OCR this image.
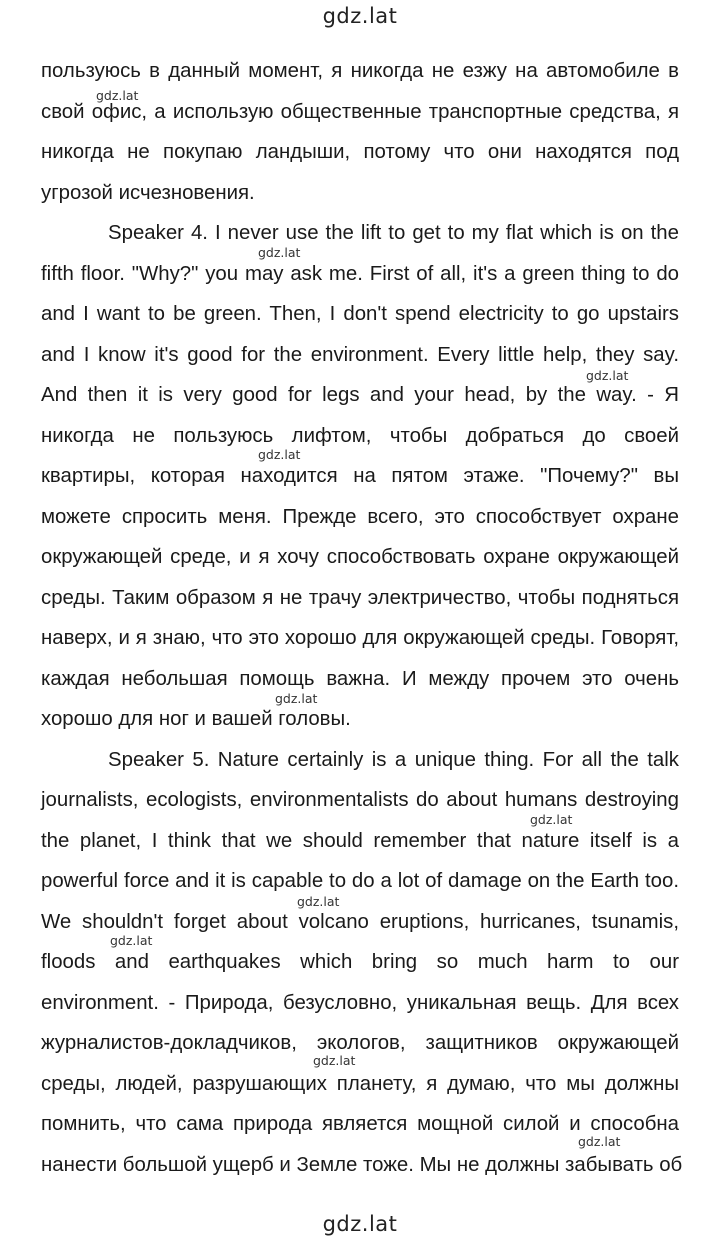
gdz.lat
пользуюсь в данный момент, я никогда не езжу на автомобиле в
свой офис, а использую общественные транспортные средства, я
никогда не покупаю ландыши, потому что они находятся под
угрозой исчезновения.
Speaker 4. I never use the lift to get to my flat which is on the
fifth floor. "Why?" you may ask me. First of all, it's a green thing to do
and I want to be green. Then, I don't spend electricity to go upstairs
and I know it's good for the environment. Every little help, they say.
And then it is very good for legs and your head, by the way. - Я
никогда не пользуюсь лифтом, чтобы добраться до своей
квартиры, которая находится на пятом этаже. "Почему?" вы
можете спросить меня. Прежде всего, это способствует охране
окружающей среде, и я хочу способствовать охране окружающей
среды. Таким образом я не трачу электричество, чтобы подняться
наверх, и я знаю, что это хорошо для окружающей среды. Говорят,
каждая небольшая помощь важна. И между прочем это очень
хорошо для ног и вашей головы.
Speaker 5. Nature certainly is a unique thing. For all the talk
journalists, ecologists, environmentalists do about humans destroying
the planet, I think that we should remember that nature itself is a
powerful force and it is capable to do a lot of damage on the Earth too.
We shouldn't forget about volcano eruptions, hurricanes, tsunamis,
floods and earthquakes which bring so much harm to our
environment. - Природа, безусловно, уникальная вещь. Для всех
журналистов-докладчиков, экологов, защитников окружающей
среды, людей, разрушающих планету, я думаю, что мы должны
помнить, что сама природа является мощной силой и способна
нанести большой ущерб и Земле тоже. Мы не должны забывать об
gdz.lat
gdz.lat
gdz.lat
gdz.lat
gdz.lat
gdz.lat
gdz.lat
gdz.lat
gdz.lat
gdz.lat
gdz.lat
